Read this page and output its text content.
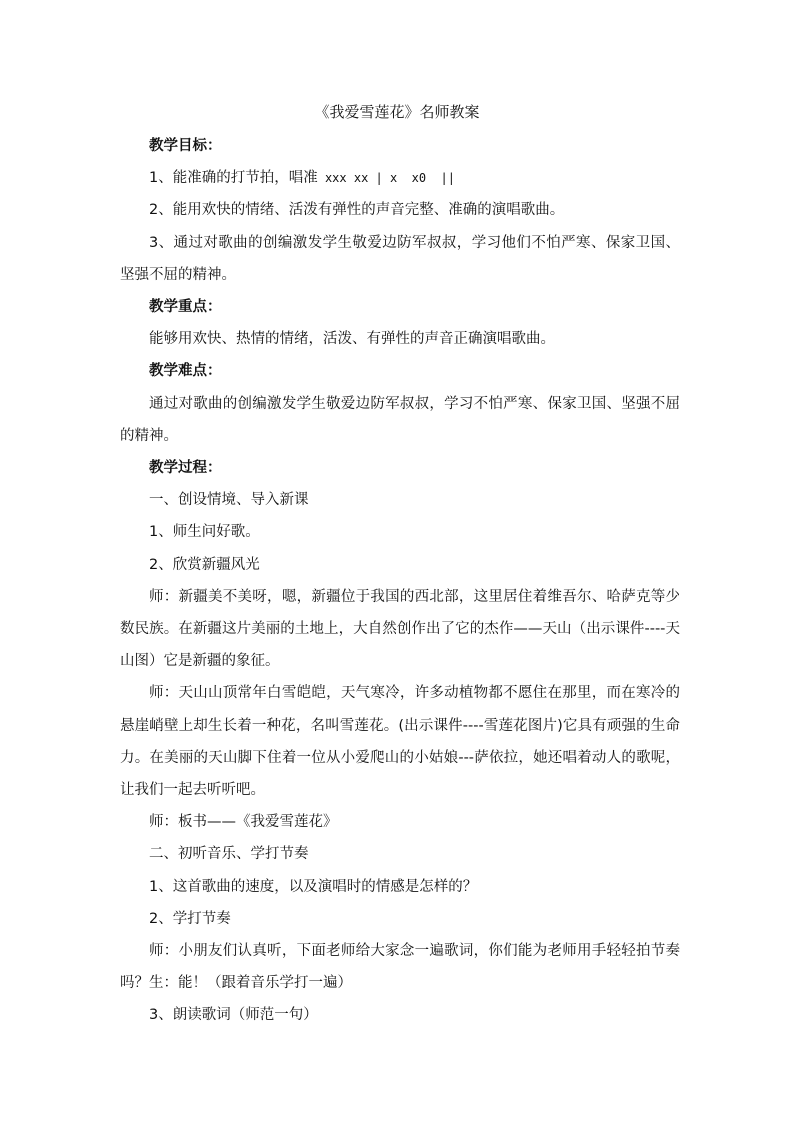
《我爱雪莲花》名师教案

教学目标：

1、能准确的打节拍，唱准 xxx xx | x  x0  ||

2、能用欢快的情绪、活泼有弹性的声音完整、准确的演唱歌曲。

3、通过对歌曲的创编激发学生敬爱边防军叔叔，学习他们不怕严寒、保家卫国、坚强不屈的精神。

教学重点：

能够用欢快、热情的情绪，活泼、有弹性的声音正确演唱歌曲。

教学难点：

通过对歌曲的创编激发学生敬爱边防军叔叔，学习不怕严寒、保家卫国、坚强不屈的精神。

教学过程：

一、创设情境、导入新课

1、师生问好歌。

2、欣赏新疆风光

师：新疆美不美呀，嗯，新疆位于我国的西北部，这里居住着维吾尔、哈萨克等少数民族。在新疆这片美丽的土地上，大自然创作出了它的杰作——天山（出示课件----天山图）它是新疆的象征。

师：天山山顶常年白雪皑皑，天气寒冷，许多动植物都不愿住在那里，而在寒冷的悬崖峭壁上却生长着一种花，名叫雪莲花。(出示课件----雪莲花图片)它具有顽强的生命力。在美丽的天山脚下住着一位从小爱爬山的小姑娘---萨依拉，她还唱着动人的歌呢，让我们一起去听听吧。

师：板书——《我爱雪莲花》

二、初听音乐、学打节奏

1、这首歌曲的速度，以及演唱时的情感是怎样的？

2、学打节奏

师：小朋友们认真听，下面老师给大家念一遍歌词，你们能为老师用手轻轻拍节奏吗？生：能！（跟着音乐学打一遍）

3、朗读歌词（师范一句）
